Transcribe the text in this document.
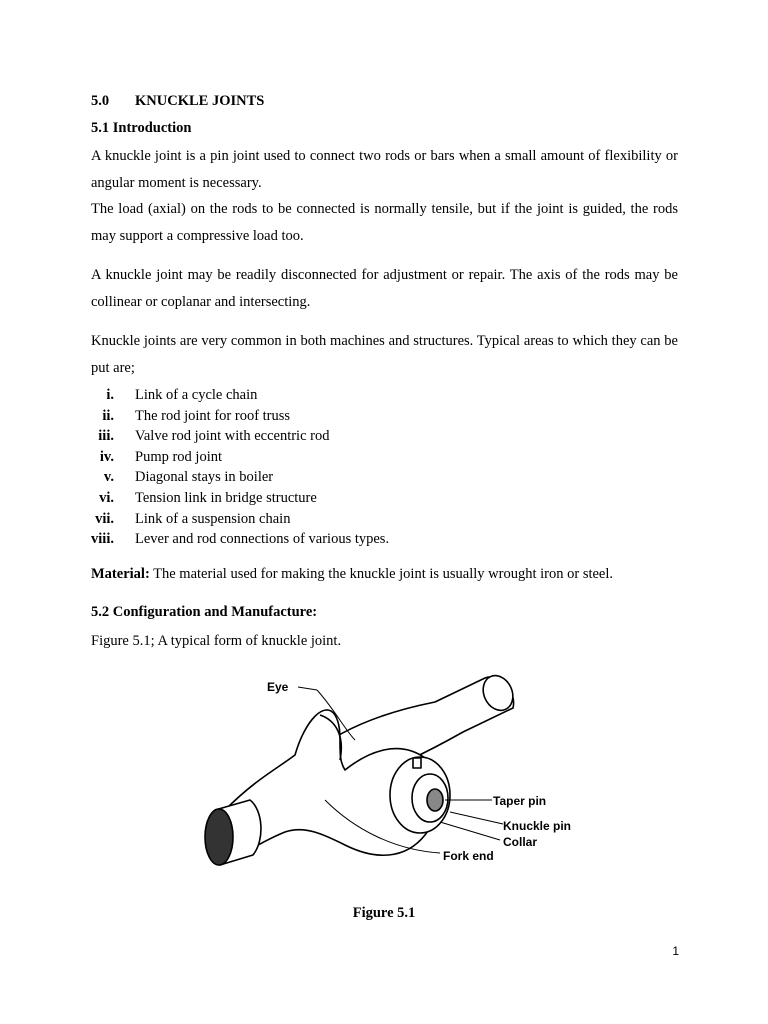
5.0 KNUCKLE JOINTS
5.1 Introduction
A knuckle joint is a pin joint used to connect two rods or bars when a small amount of flexibility or angular moment is necessary.
The load (axial) on the rods to be connected is normally tensile, but if the joint is guided, the rods may support a compressive load too.
A knuckle joint may be readily disconnected for adjustment or repair. The axis of the rods may be collinear or coplanar and intersecting.
Knuckle joints are very common in both machines and structures. Typical areas to which they can be put are;
i. Link of a cycle chain
ii. The rod joint for roof truss
iii. Valve rod joint with eccentric rod
iv. Pump rod joint
v. Diagonal stays in boiler
vi. Tension link in bridge structure
vii. Link of a suspension chain
viii. Lever and rod connections of various types.
Material: The material used for making the knuckle joint is usually wrought iron or steel.
5.2 Configuration and Manufacture:
Figure 5.1; A typical form of knuckle joint.
Eye
Taper pin
Knuckle pin
Collar
Fork end
Figure 5.1
1
